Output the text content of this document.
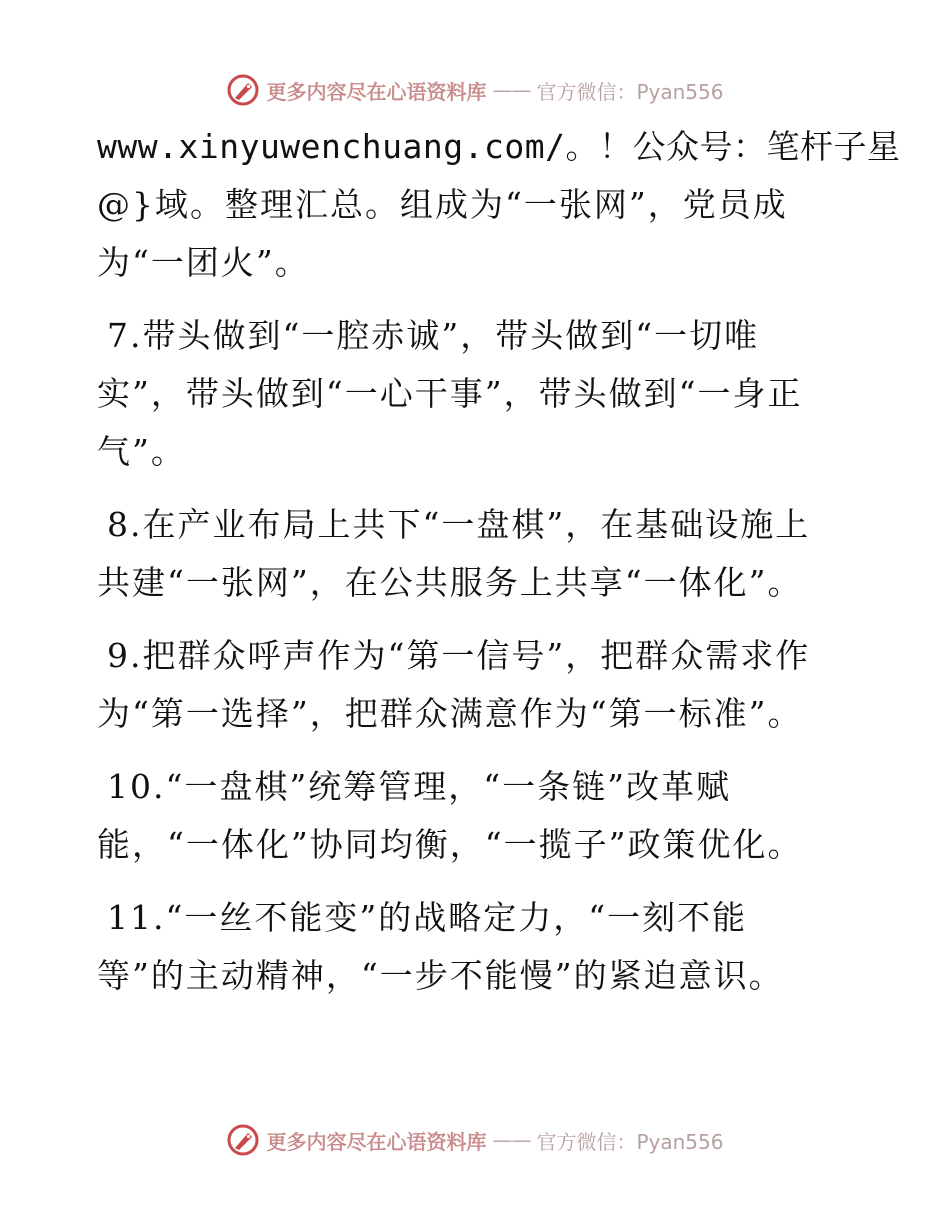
更多内容尽在心语资料库 —— 官方微信：Pyan556

www.xinyuwenchuang.com/。！公众号：笔杆子星
@}域。整理汇总。组成为“一张网”，党员成
为“一团火”。

7.带头做到“一腔赤诚”，带头做到“一切唯
实”，带头做到“一心干事”，带头做到“一身正
气”。

8.在产业布局上共下“一盘棋”，在基础设施上
共建“一张网”，在公共服务上共享“一体化”。

9.把群众呼声作为“第一信号”，把群众需求作
为“第一选择”，把群众满意作为“第一标准”。

10.“一盘棋”统筹管理，“一条链”改革赋
能，“一体化”协同均衡，“一揽子”政策优化。

11.“一丝不能变”的战略定力，“一刻不能
等”的主动精神，“一步不能慢”的紧迫意识。

更多内容尽在心语资料库 —— 官方微信：Pyan556
